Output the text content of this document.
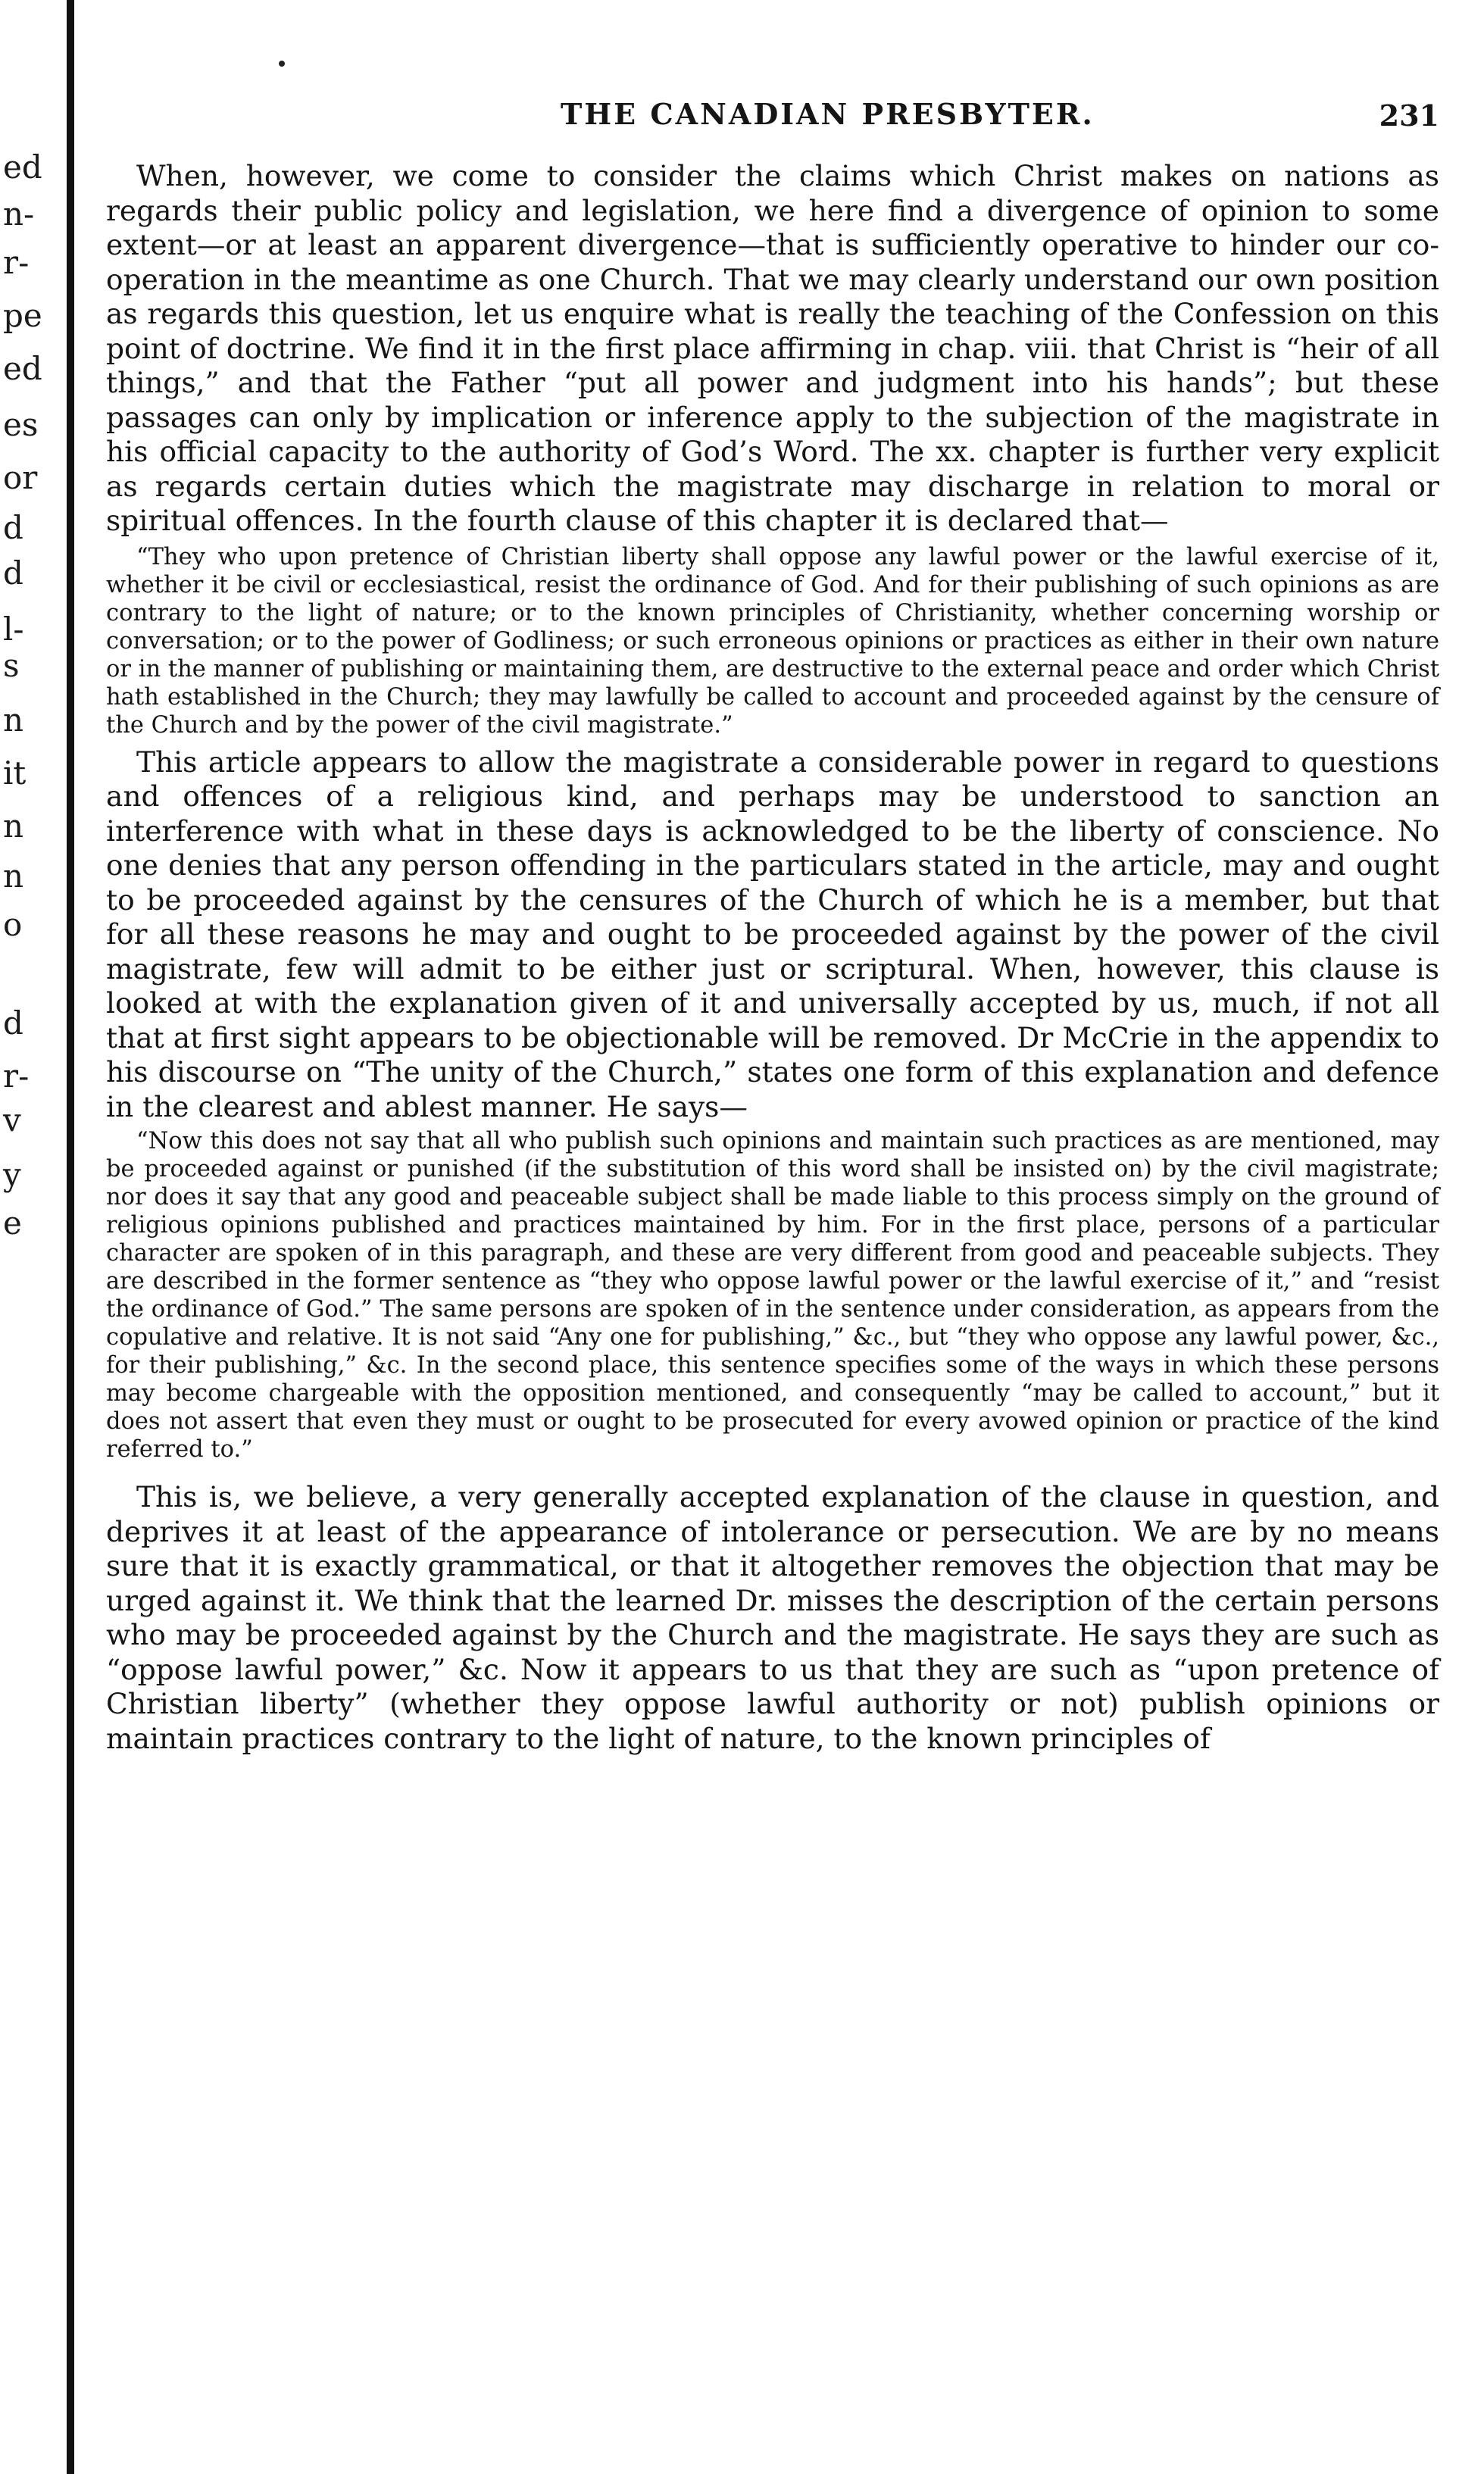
ed
n-
r-
pe
ed
es
or
d
d
l-
s
n
it
n
n
o
d
r-
v
y
e
THE CANADIAN PRESBYTER.	231

When, however, we come to consider the claims which Christ makes on nations as regards their public policy and legislation, we here find a divergence of opinion to some extent—or at least an apparent divergence—that is sufficiently operative to hinder our co-operation in the meantime as one Church. That we may clearly understand our own position as regards this question, let us enquire what is really the teaching of the Confession on this point of doctrine. We find it in the first place affirming in chap. viii. that Christ is “heir of all things,” and that the Father “put all power and judgment into his hands”; but these passages can only by implication or inference apply to the subjection of the magistrate in his official capacity to the authority of God’s Word. The xx. chapter is further very explicit as regards certain duties which the magistrate may discharge in relation to moral or spiritual offences. In the fourth clause of this chapter it is declared that—

“They who upon pretence of Christian liberty shall oppose any lawful power or the lawful exercise of it, whether it be civil or ecclesiastical, resist the ordinance of God. And for their publishing of such opinions as are contrary to the light of nature; or to the known principles of Christianity, whether concerning worship or conversation; or to the power of Godliness; or such erroneous opinions or practices as either in their own nature or in the manner of publishing or maintaining them, are destructive to the external peace and order which Christ hath established in the Church; they may lawfully be called to account and proceeded against by the censure of the Church and by the power of the civil magistrate.”

This article appears to allow the magistrate a considerable power in regard to questions and offences of a religious kind, and perhaps may be understood to sanction an interference with what in these days is acknowledged to be the liberty of conscience. No one denies that any person offending in the particulars stated in the article, may and ought to be proceeded against by the censures of the Church of which he is a member, but that for all these reasons he may and ought to be proceeded against by the power of the civil magistrate, few will admit to be either just or scriptural. When, however, this clause is looked at with the explanation given of it and universally accepted by us, much, if not all that at first sight appears to be objectionable will be removed. Dr McCrie in the appendix to his discourse on “The unity of the Church,” states one form of this explanation and defence in the clearest and ablest manner. He says—

“Now this does not say that all who publish such opinions and maintain such practices as are mentioned, may be proceeded against or punished (if the substitution of this word shall be insisted on) by the civil magistrate; nor does it say that any good and peaceable subject shall be made liable to this process simply on the ground of religious opinions published and practices maintained by him. For in the first place, persons of a particular character are spoken of in this paragraph, and these are very different from good and peaceable subjects. They are described in the former sentence as “they who oppose lawful power or the lawful exercise of it,” and “resist the ordinance of God.” The same persons are spoken of in the sentence under consideration, as appears from the copulative and relative. It is not said “Any one for publishing,” &c., but “they who oppose any lawful power, &c., for their publishing,” &c. In the second place, this sentence specifies some of the ways in which these persons may become chargeable with the opposition mentioned, and consequently “may be called to account,” but it does not assert that even they must or ought to be prosecuted for every avowed opinion or practice of the kind referred to.”

This is, we believe, a very generally accepted explanation of the clause in question, and deprives it at least of the appearance of intolerance or persecution. We are by no means sure that it is exactly grammatical, or that it altogether removes the objection that may be urged against it. We think that the learned Dr. misses the description of the certain persons who may be proceeded against by the Church and the magistrate. He says they are such as “oppose lawful power,” &c. Now it appears to us that they are such as “upon pretence of Christian liberty” (whether they oppose lawful authority or not) publish opinions or maintain practices contrary to the light of nature, to the known principles of
